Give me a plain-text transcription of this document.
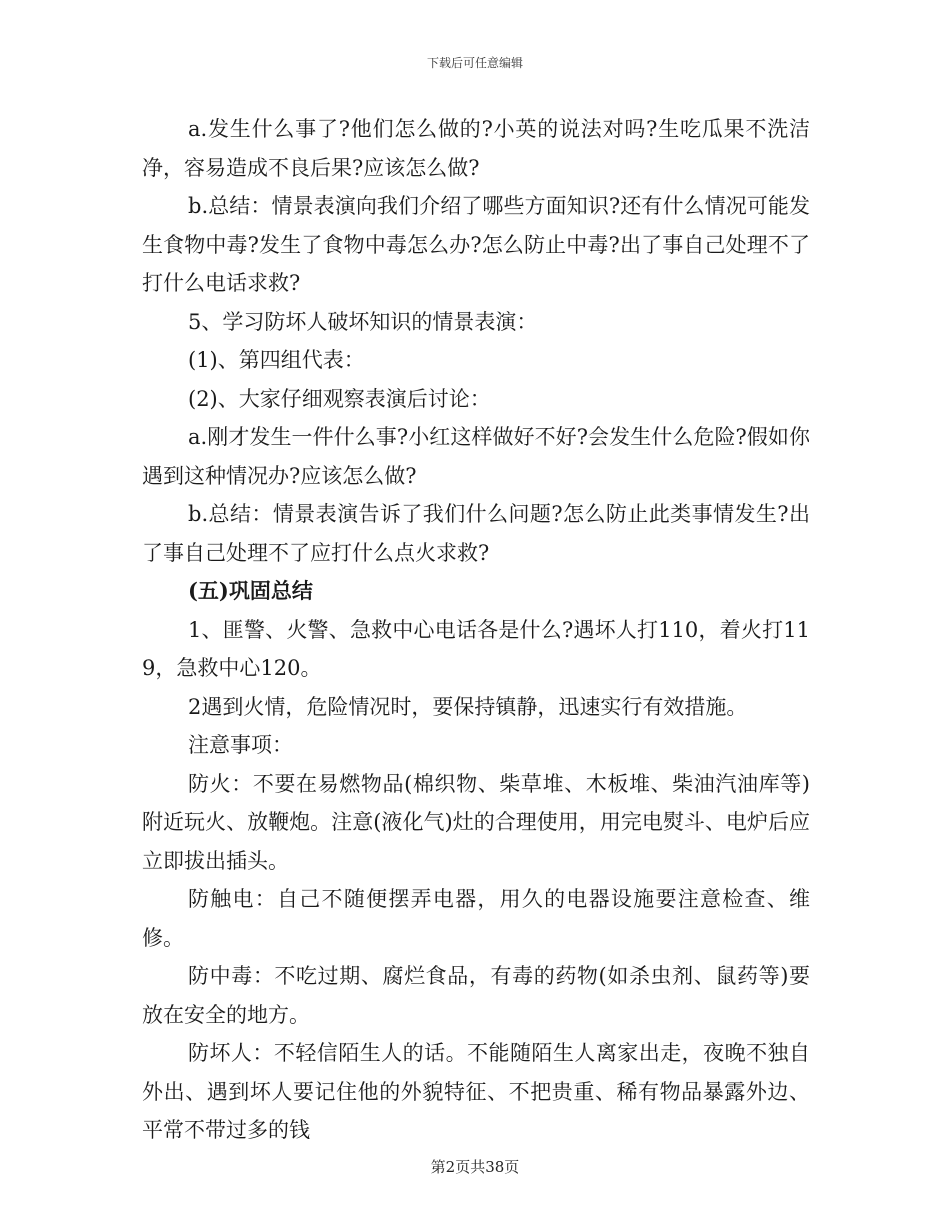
下载后可任意编辑

a.发生什么事了?他们怎么做的?小英的说法对吗?生吃瓜果不洗洁净，容易造成不良后果?应该怎么做?

b.总结：情景表演向我们介绍了哪些方面知识?还有什么情况可能发生食物中毒?发生了食物中毒怎么办?怎么防止中毒?出了事自己处理不了打什么电话求救?

5、学习防坏人破坏知识的情景表演：

(1)、第四组代表：

(2)、大家仔细观察表演后讨论：

a.刚才发生一件什么事?小红这样做好不好?会发生什么危险?假如你遇到这种情况办?应该怎么做?

b.总结：情景表演告诉了我们什么问题?怎么防止此类事情发生?出了事自己处理不了应打什么点火求救?

(五)巩固总结

1、匪警、火警、急救中心电话各是什么?遇坏人打110，着火打119，急救中心120。

2遇到火情，危险情况时，要保持镇静，迅速实行有效措施。

注意事项：

防火：不要在易燃物品(棉织物、柴草堆、木板堆、柴油汽油库等)附近玩火、放鞭炮。注意(液化气)灶的合理使用，用完电熨斗、电炉后应立即拔出插头。

防触电：自己不随便摆弄电器，用久的电器设施要注意检查、维修。

防中毒：不吃过期、腐烂食品，有毒的药物(如杀虫剂、鼠药等)要放在安全的地方。

防坏人：不轻信陌生人的话。不能随陌生人离家出走，夜晚不独自外出、遇到坏人要记住他的外貌特征、不把贵重、稀有物品暴露外边、平常不带过多的钱

第2页共38页
